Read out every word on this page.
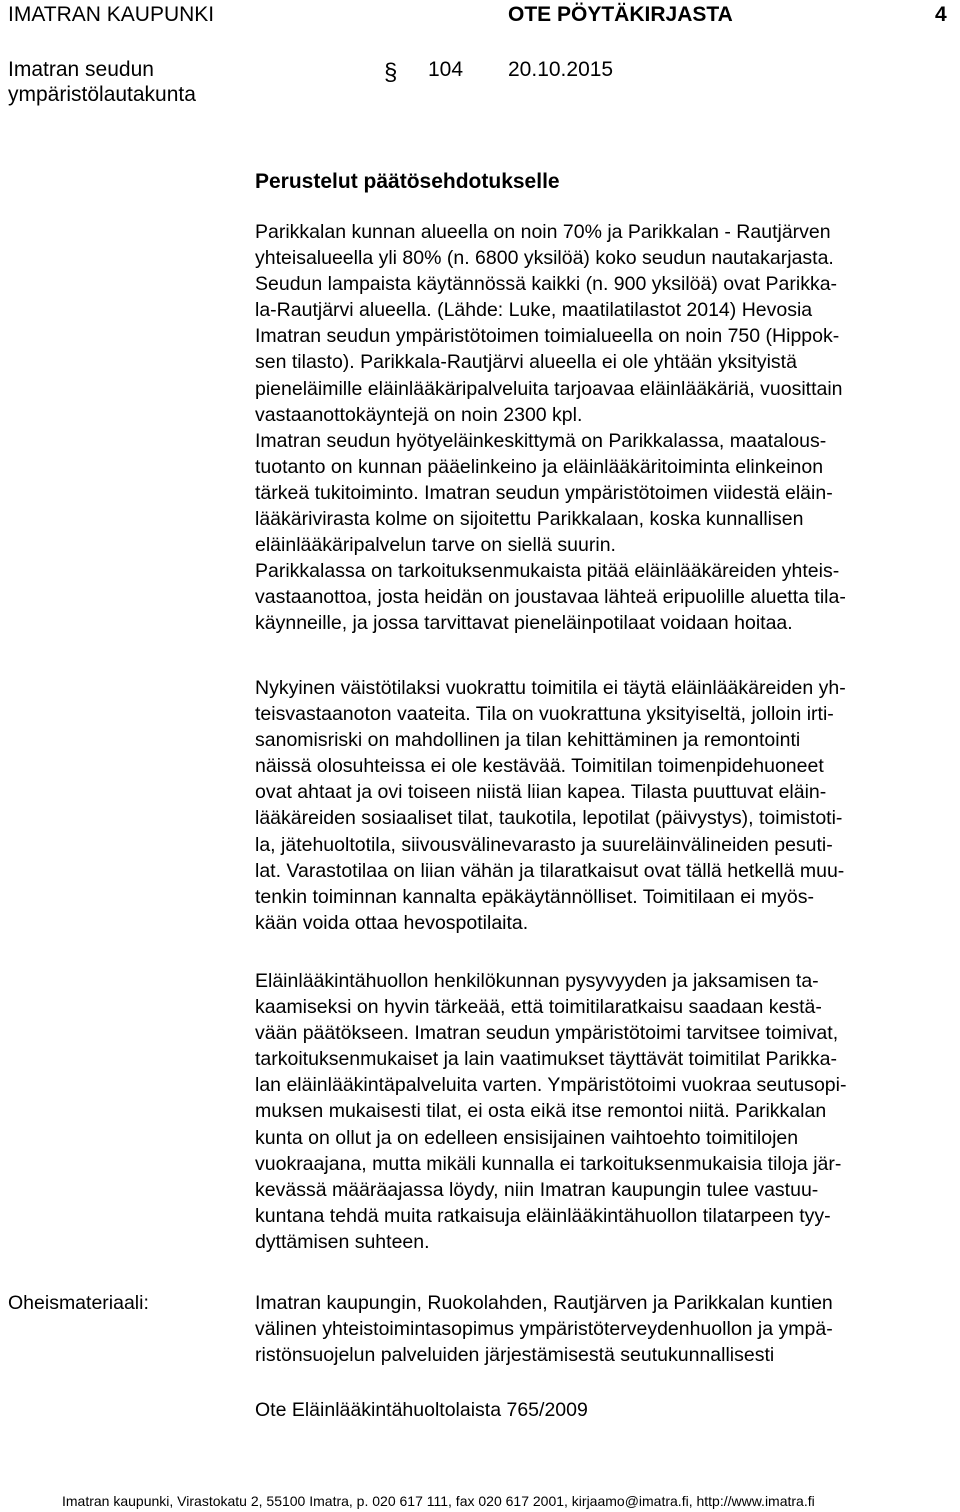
IMATRAN KAUPUNKI	OTE PÖYTÄKIRJASTA	4
Imatran seudun
ympäristölautakunta
§ 104 20.10.2015
Perustelut päätösehdotukselle
Parikkalan kunnan alueella on noin 70% ja Parikkalan - Rautjärven
yhteisalueella yli 80% (n. 6800 yksilöä) koko seudun nautakarjasta.
Seudun lampaista käytännössä kaikki (n. 900 yksilöä) ovat Parikka-
la-Rautjärvi alueella. (Lähde: Luke, maatilatilastot 2014) Hevosia
Imatran seudun ympäristötoimen toimialueella on noin 750 (Hippok-
sen tilasto). Parikkala-Rautjärvi alueella ei ole yhtään yksityistä
pieneläimille eläinlääkäripalveluita tarjoavaa eläinlääkäriä, vuosittain
vastaanottokäyntejä on noin 2300 kpl.
Imatran seudun hyötyeläinkeskittymä on Parikkalassa, maatalous-
tuotanto on kunnan pääelinkeino ja eläinlääkäritoiminta elinkeinon
tärkeä tukitoiminto. Imatran seudun ympäristötoimen viidestä eläin-
lääkärivirasta kolme on sijoitettu Parikkalaan, koska kunnallisen
eläinlääkäripalvelun tarve on siellä suurin.
Parikkalassa on tarkoituksenmukaista pitää eläinlääkäreiden yhteis-
vastaanottoa, josta heidän on joustavaa lähteä eripuolille aluetta tila-
käynneille, ja jossa tarvittavat pieneläinpotilaat voidaan hoitaa.
Nykyinen väistötilaksi vuokrattu toimitila ei täytä eläinlääkäreiden yh-
teisvastaanoton vaateita. Tila on vuokrattuna yksityiseltä, jolloin irti-
sanomisriski on mahdollinen ja tilan kehittäminen ja remontointi
näissä olosuhteissa ei ole kestävää. Toimitilan toimenpidehuoneet
ovat ahtaat ja ovi toiseen niistä liian kapea. Tilasta puuttuvat eläin-
lääkäreiden sosiaaliset tilat, taukotila, lepotilat (päivystys), toimistoti-
la, jätehuoltotila, siivousvälinevarasto ja suureläinvälineiden pesuti-
lat. Varastotilaa on liian vähän ja tilaratkaisut ovat tällä hetkellä muu-
tenkin toiminnan kannalta epäkäytännölliset. Toimitilaan ei myös-
kään voida ottaa hevospotilaita.
Eläinlääkintähuollon henkilökunnan pysyvyyden ja jaksamisen ta-
kaamiseksi on hyvin tärkeää, että toimitilaratkaisu saadaan kestä-
vään päätökseen. Imatran seudun ympäristötoimi tarvitsee toimivat,
tarkoituksenmukaiset ja lain vaatimukset täyttävät toimitilat Parikka-
lan eläinlääkintäpalveluita varten. Ympäristötoimi vuokraa seutusopi-
muksen mukaisesti tilat, ei osta eikä itse remontoi niitä. Parikkalan
kunta on ollut ja on edelleen ensisijainen vaihtoehto toimitilojen
vuokraajana, mutta mikäli kunnalla ei tarkoituksenmukaisia tiloja jär-
kevässä määräajassa löydy, niin Imatran kaupungin tulee vastuu-
kuntana tehdä muita ratkaisuja eläinlääkintähuollon tilatarpeen tyy-
dyttämisen suhteen.
Oheismateriaali:	Imatran kaupungin, Ruokolahden, Rautjärven ja Parikkalan kuntien
välinen yhteistoimintasopimus ympäristöterveydenhuollon ja ympä-
ristönsuojelun palveluiden järjestämisestä seutukunnallisesti
Ote Eläinlääkintähuoltolaista 765/2009
Imatran kaupunki, Virastokatu 2, 55100 Imatra, p. 020 617 111, fax 020 617 2001, kirjaamo@imatra.fi, http://www.imatra.fi
